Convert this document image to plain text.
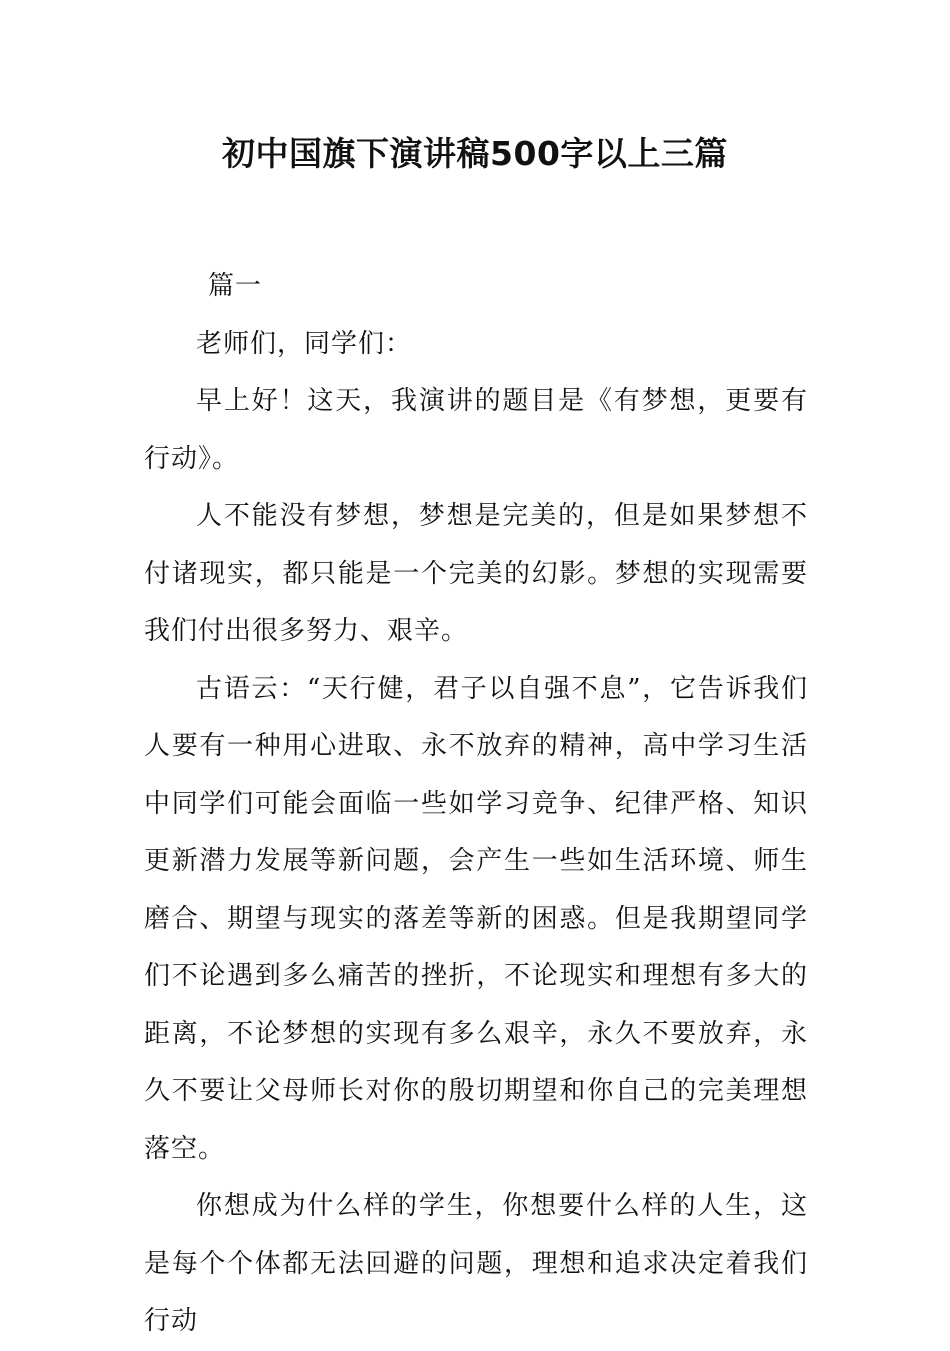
初中国旗下演讲稿500字以上三篇

篇一

老师们，同学们：

早上好！这天，我演讲的题目是《有梦想，更要有行动》。

人不能没有梦想，梦想是完美的，但是如果梦想不付诸现实，都只能是一个完美的幻影。梦想的实现需要我们付出很多努力、艰辛。

古语云：“天行健，君子以自强不息”，它告诉我们人要有一种用心进取、永不放弃的精神，高中学习生活中同学们可能会面临一些如学习竞争、纪律严格、知识更新潜力发展等新问题，会产生一些如生活环境、师生磨合、期望与现实的落差等新的困惑。但是我期望同学们不论遇到多么痛苦的挫折，不论现实和理想有多大的距离，不论梦想的实现有多么艰辛，永久不要放弃，永久不要让父母师长对你的殷切期望和你自己的完美理想落空。

你想成为什么样的学生，你想要什么样的人生，这是每个个体都无法回避的问题，理想和追求决定着我们行动
